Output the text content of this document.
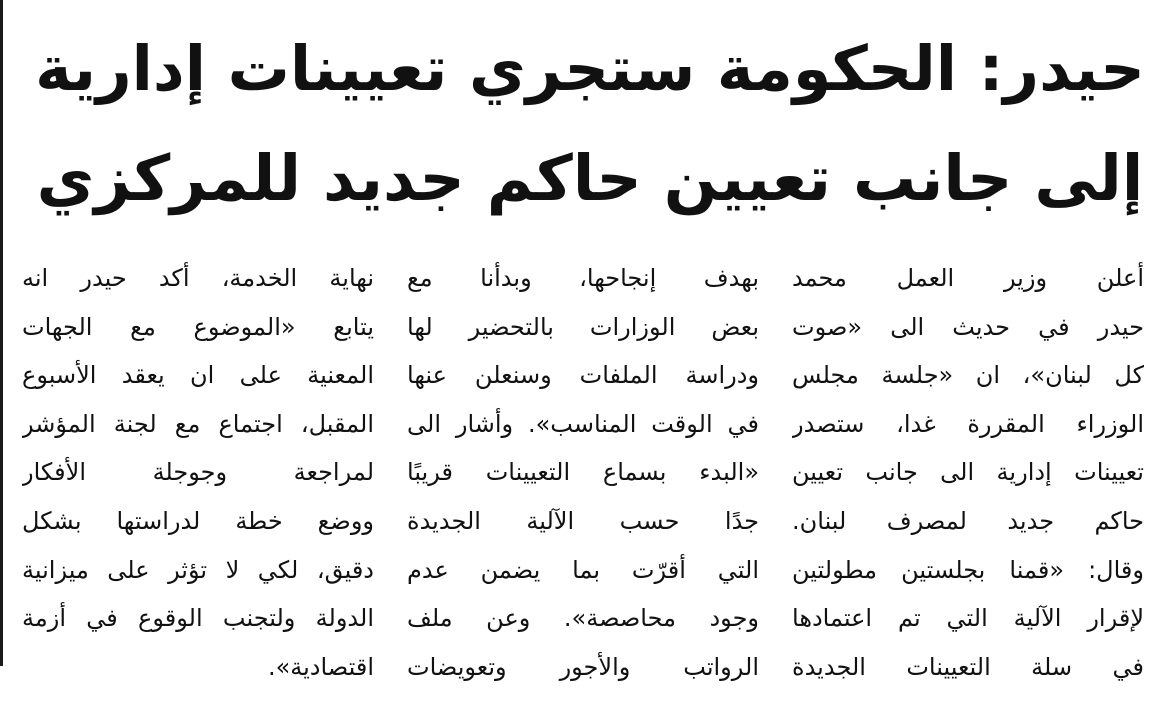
حيدر: الحكومة ستجري تعيينات إدارية
إلى جانب تعيين حاكم جديد للمركزي
أعلن وزير العمل محمد
حيدر في حديث الى «صوت
كل لبنان»، ان «جلسة مجلس
الوزراء المقررة غدا، ستصدر
تعيينات إدارية الى جانب تعيين
حاكم جديد لمصرف لبنان.
وقال: «قمنا بجلستين مطولتين
لإقرار الآلية التي تم اعتمادها
في سلة التعيينات الجديدة
بهدف إنجاحها، وبدأنا مع
بعض الوزارات بالتحضير لها
ودراسة الملفات وسنعلن عنها
في الوقت المناسب». وأشار الى
«البدء بسماع التعيينات قريبًا
جدًا حسب الآلية الجديدة
التي أقرّت بما يضمن عدم
وجود محاصصة». وعن ملف
الرواتب والأجور وتعويضات
نهاية الخدمة، أكد حيدر انه
يتابع «الموضوع مع الجهات
المعنية على ان يعقد الأسبوع
المقبل، اجتماع مع لجنة المؤشر
لمراجعة وجوجلة الأفكار
ووضع خطة لدراستها بشكل
دقيق، لكي لا تؤثر على ميزانية
الدولة ولتجنب الوقوع في أزمة
اقتصادية».
